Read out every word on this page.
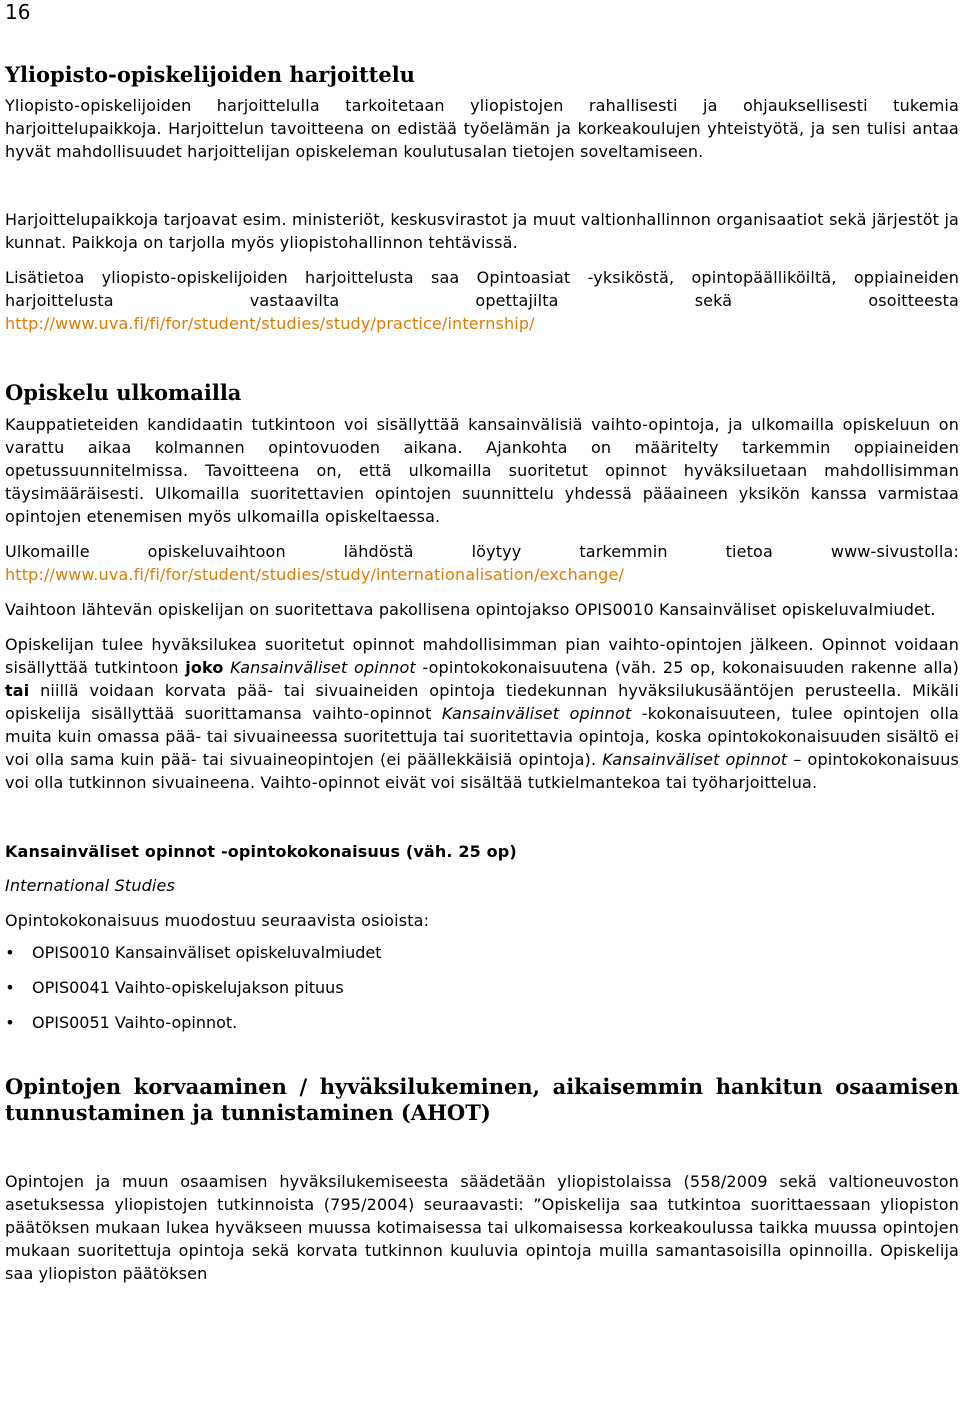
16
Yliopisto-opiskelijoiden harjoittelu

Yliopisto-opiskelijoiden harjoittelulla tarkoitetaan yliopistojen rahallisesti ja ohjauksellisesti tukemia harjoittelupaikkoja. Harjoittelun tavoitteena on edistää työelämän ja korkeakoulujen yhteistyötä, ja sen tulisi antaa hyvät mahdollisuudet harjoittelijan opiskeleman koulutusalan tietojen soveltamiseen.

Harjoittelupaikkoja tarjoavat esim. ministeriöt, keskusvirastot ja muut valtionhallinnon organisaatiot sekä järjestöt ja kunnat. Paikkoja on tarjolla myös yliopistohallinnon tehtävissä.

Lisätietoa yliopisto-opiskelijoiden harjoittelusta saa Opintoasiat -yksiköstä, opintopäälliköiltä, oppiaineiden harjoittelusta vastaavilta opettajilta sekä osoitteesta http://www.uva.fi/fi/for/student/studies/study/practice/internship/

Opiskelu ulkomailla

Kauppatieteiden kandidaatin tutkintoon voi sisällyttää kansainvälisiä vaihto-opintoja, ja ulkomailla opiskeluun on varattu aikaa kolmannen opintovuoden aikana. Ajankohta on määritelty tarkemmin oppiaineiden opetussuunnitelmissa. Tavoitteena on, että ulkomailla suoritetut opinnot hyväksiluetaan mahdollisimman täysimääräisesti. Ulkomailla suoritettavien opintojen suunnittelu yhdessä pääaineen yksikön kanssa varmistaa opintojen etenemisen myös ulkomailla opiskeltaessa.

Ulkomaille opiskeluvaihtoon lähdöstä löytyy tarkemmin tietoa www-sivustolla: http://www.uva.fi/fi/for/student/studies/study/internationalisation/exchange/

Vaihtoon lähtevän opiskelijan on suoritettava pakollisena opintojakso OPIS0010 Kansainväliset opiskeluvalmiudet.

Opiskelijan tulee hyväksilukea suoritetut opinnot mahdollisimman pian vaihto-opintojen jälkeen. Opinnot voidaan sisällyttää tutkintoon joko Kansainväliset opinnot -opintokokonaisuutena (väh. 25 op, kokonaisuuden rakenne alla) tai niillä voidaan korvata pää- tai sivuaineiden opintoja tiedekunnan hyväksilukusääntöjen perusteella. Mikäli opiskelija sisällyttää suorittamansa vaihto-opinnot Kansainväliset opinnot -kokonaisuuteen, tulee opintojen olla muita kuin omassa pää- tai sivuaineessa suoritettuja tai suoritettavia opintoja, koska opintokokonaisuuden sisältö ei voi olla sama kuin pää- tai sivuaineopintojen (ei päällekkäisiä opintoja). Kansainväliset opinnot – opintokokonaisuus voi olla tutkinnon sivuaineena. Vaihto-opinnot eivät voi sisältää tutkielmantekoa tai työharjoittelua.

Kansainväliset opinnot -opintokokonaisuus (väh. 25 op)

International Studies

Opintokokonaisuus muodostuu seuraavista osioista:

• OPIS0010 Kansainväliset opiskeluvalmiudet
• OPIS0041 Vaihto-opiskelujakson pituus
• OPIS0051 Vaihto-opinnot.
Opintojen korvaaminen / hyväksilukeminen, aikaisemmin hankitun osaamisen tunnustaminen ja tunnistaminen (AHOT)

Opintojen ja muun osaamisen hyväksilukemiseesta säädetään yliopistolaissa (558/2009 sekä valtioneuvoston asetuksessa yliopistojen tutkinnoista (795/2004) seuraavasti: ”Opiskelija saa tutkintoa suorittaessaan yliopiston päätöksen mukaan lukea hyväkseen muussa kotimaisessa tai ulkomaisessa korkeakoulussa taikka muussa opintojen mukaan suoritettuja opintoja sekä korvata tutkinnon kuuluvia opintoja muilla samantasoisilla opinnoilla. Opiskelija saa yliopiston päätöksen
